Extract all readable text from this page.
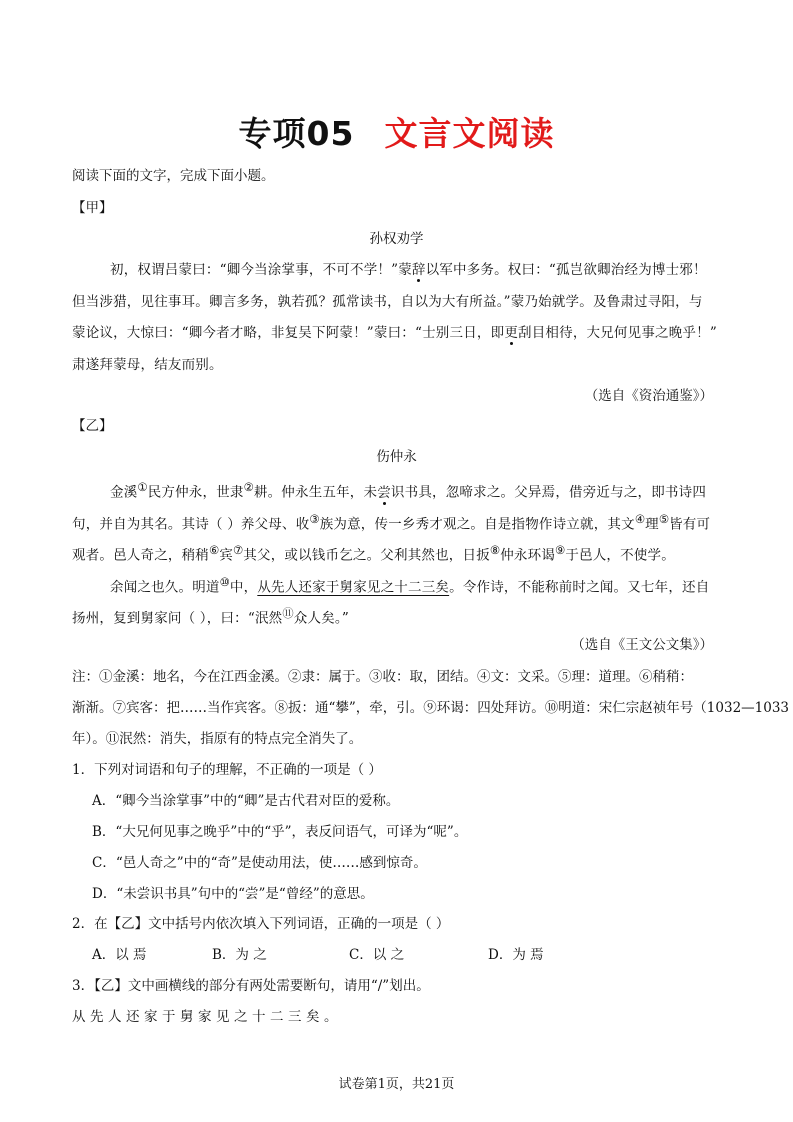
专项05 文言文阅读
阅读下面的文字，完成下面小题。
【甲】
孙权劝学
初，权谓吕蒙曰：“卿今当涂掌事，不可不学！”蒙辞以军中多务。权曰：“孤岂欲卿治经为博士邪！
但当涉猎，见往事耳。卿言多务，孰若孤？孤常读书，自以为大有所益。”蒙乃始就学。及鲁肃过寻阳，与
蒙论议，大惊曰：“卿今者才略，非复吴下阿蒙！”蒙曰：“士别三日，即更刮目相待，大兄何见事之晚乎！”
肃遂拜蒙母，结友而别。
（选自《资治通鉴》）
【乙】
伤仲永
金溪①民方仲永，世隶②耕。仲永生五年，未尝识书具，忽啼求之。父异焉，借旁近与之，即书诗四
句，并自为其名。其诗（ ）养父母、收③族为意，传一乡秀才观之。自是指物作诗立就，其文④理⑤皆有可
观者。邑人奇之，稍稍⑥宾⑦其父，或以钱币乞之。父利其然也，日扳⑧仲永环谒⑨于邑人，不使学。
余闻之也久。明道⑩中，从先人还家于舅家见之十二三矣。令作诗，不能称前时之闻。又七年，还自
扬州，复到舅家问（ ），曰：“泯然⑪众人矣。”
（选自《王文公文集》）
注：①金溪：地名，今在江西金溪。②隶：属于。③收：取，团结。④文：文采。⑤理：道理。⑥稍稍：
渐渐。⑦宾客：把……当作宾客。⑧扳：通“攀”，牵，引。⑨环谒：四处拜访。⑩明道：宋仁宗赵祯年号（1032—1033
年）。⑪泯然：消失，指原有的特点完全消失了。
1．下列对词语和句子的理解，不正确的一项是（ ）
A．“卿今当涂掌事”中的“卿”是古代君对臣的爱称。
B．“大兄何见事之晚乎”中的“乎”，表反问语气，可译为“呢”。
C．“邑人奇之”中的“奇”是使动用法，使……感到惊奇。
D．“未尝识书具”句中的“尝”是“曾经”的意思。
2．在【乙】文中括号内依次填入下列词语，正确的一项是（ ）
A．以 焉	B．为 之	C．以 之	D．为 焉
3．【乙】文中画横线的部分有两处需要断句，请用“/”划出。
从先人还家于舅家见之十二三矣。
试卷第1页，共21页
